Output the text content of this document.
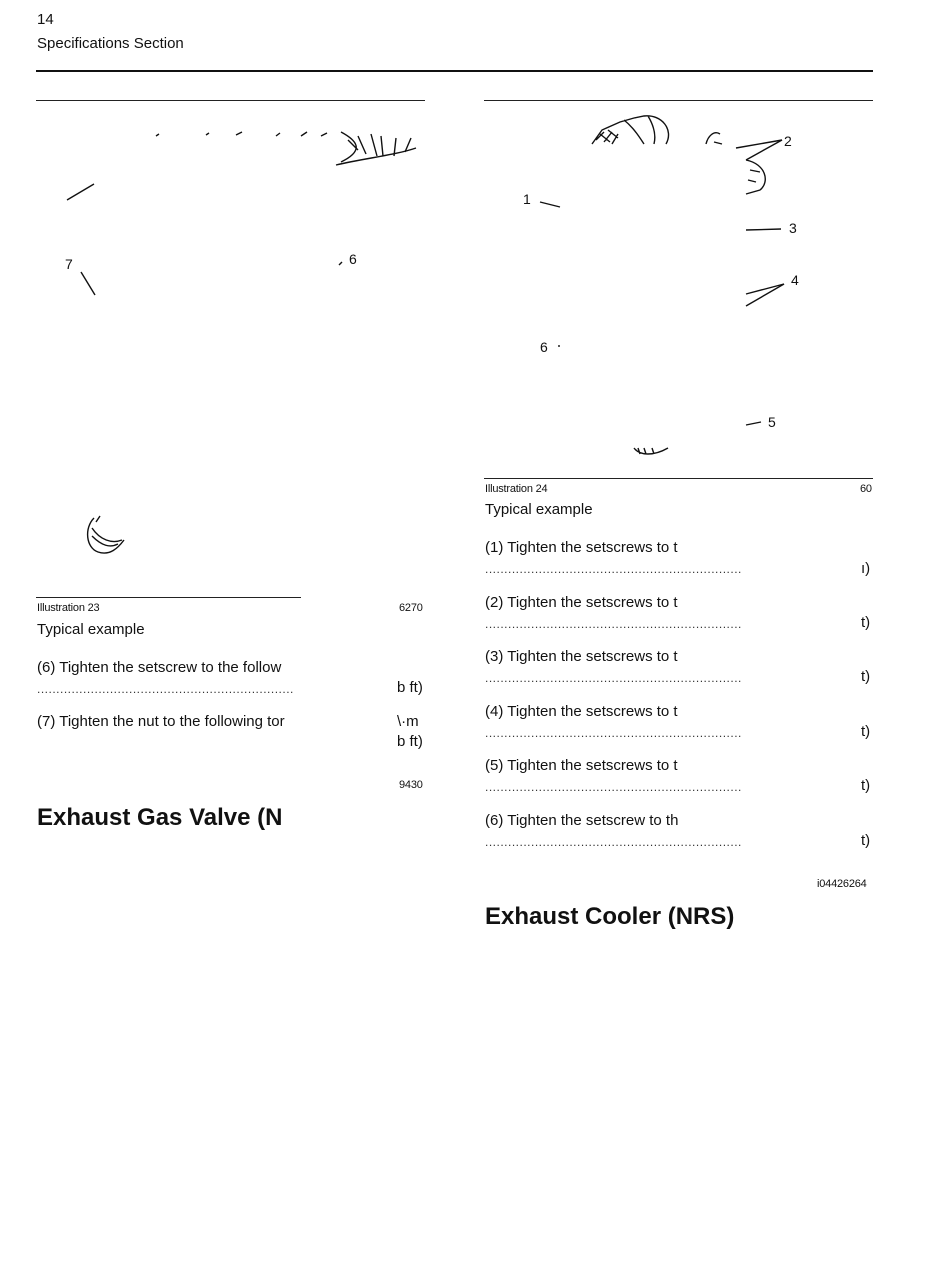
14
Specifications Section
7	6
Illustration 23	6270
Typical example
(6) Tighten the setscrew to the follow
...................................................................	b ft)
(7) Tighten the nut to the following tor	\·m
b ft)
9430
Exhaust Gas Valve (N
1
2
3
4
6
5
Illustration 24	60
Typical example
(1) Tighten the setscrews to t
...................................................................	ı)
(2) Tighten the setscrews to t
...................................................................	t)
(3) Tighten the setscrews to t
...................................................................	t)
(4) Tighten the setscrews to t
...................................................................	t)
(5) Tighten the setscrews to t
...................................................................	t)
(6) Tighten the setscrew to th
...................................................................	t)
i04426264
Exhaust Cooler (NRS)
